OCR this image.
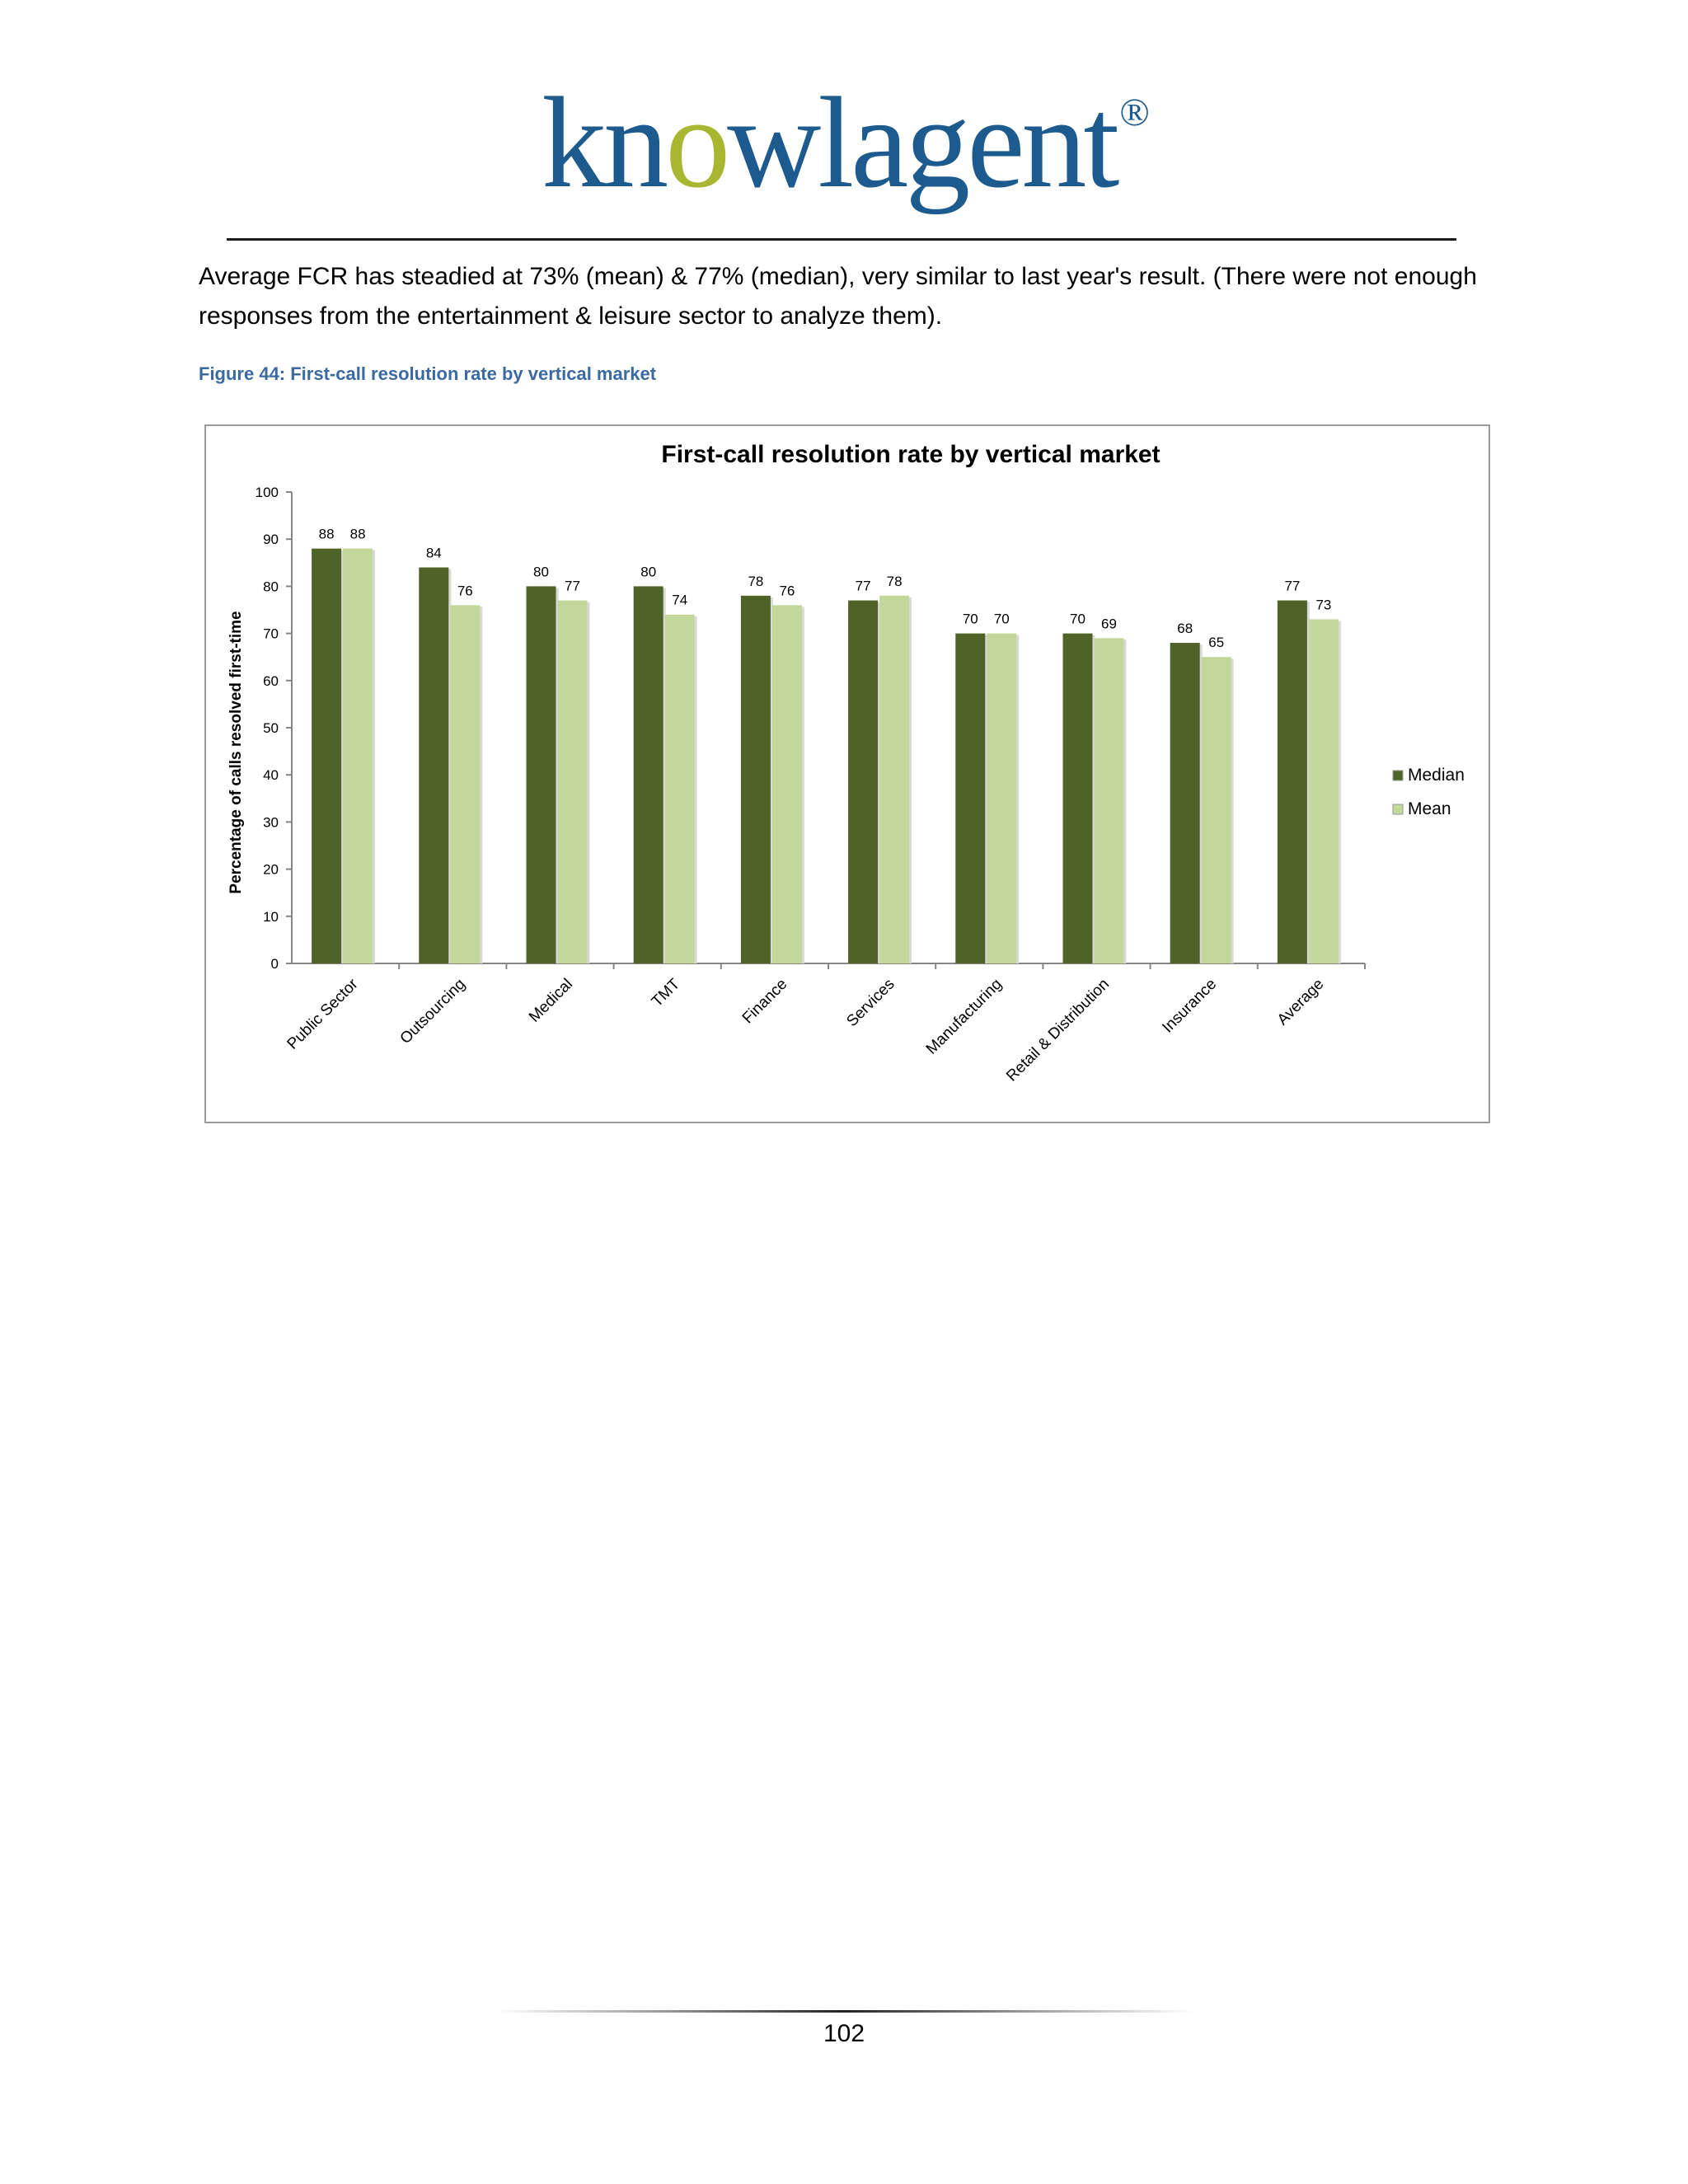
knowlagent®
Average FCR has steadied at 73% (mean) & 77% (median), very similar to last year's result. (There were not enough responses from the entertainment & leisure sector to analyze them).
Figure 44: First-call resolution rate by vertical market
First-call resolution rate by vertical market
Percentage of calls resolved first-time
0
10
20
30
40
50
60
70
80
90
100
88 88
Public Sector
84
76
Outsourcing
80
77
Medical
80
74
TMT
78
76
Finance
77 78
Services
70 70
Manufacturing
70 69
Retail & Distribution
68
65
Insurance
77
73
Average
Median
Mean
102
